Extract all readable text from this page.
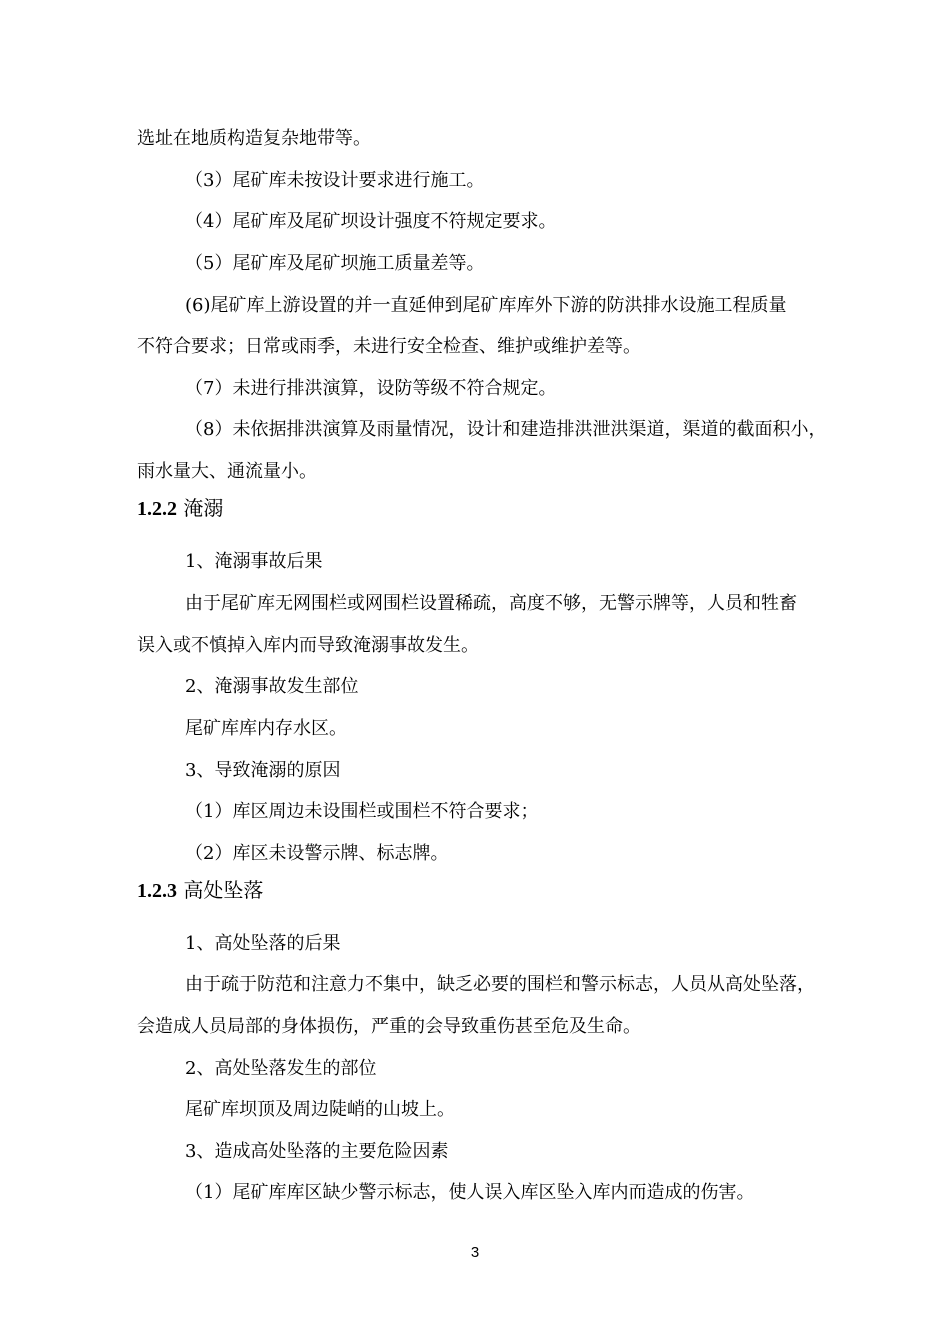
选址在地质构造复杂地带等。
（3）尾矿库未按设计要求进行施工。
（4）尾矿库及尾矿坝设计强度不符规定要求。
（5）尾矿库及尾矿坝施工质量差等。
(6)尾矿库上游设置的并一直延伸到尾矿库库外下游的防洪排水设施工程质量
不符合要求；日常或雨季，未进行安全检查、维护或维护差等。
（7）未进行排洪演算，设防等级不符合规定。
（8）未依据排洪演算及雨量情况，设计和建造排洪泄洪渠道，渠道的截面积小，
雨水量大、通流量小。
1.2.2 淹溺
1、淹溺事故后果
由于尾矿库无网围栏或网围栏设置稀疏，高度不够，无警示牌等，人员和牲畜
误入或不慎掉入库内而导致淹溺事故发生。
2、淹溺事故发生部位
尾矿库库内存水区。
3、导致淹溺的原因
（1）库区周边未设围栏或围栏不符合要求；
（2）库区未设警示牌、标志牌。
1.2.3 高处坠落
1、高处坠落的后果
由于疏于防范和注意力不集中，缺乏必要的围栏和警示标志，人员从高处坠落，
会造成人员局部的身体损伤，严重的会导致重伤甚至危及生命。
2、高处坠落发生的部位
尾矿库坝顶及周边陡峭的山坡上。
3、造成高处坠落的主要危险因素
（1）尾矿库库区缺少警示标志，使人误入库区坠入库内而造成的伤害。
3
